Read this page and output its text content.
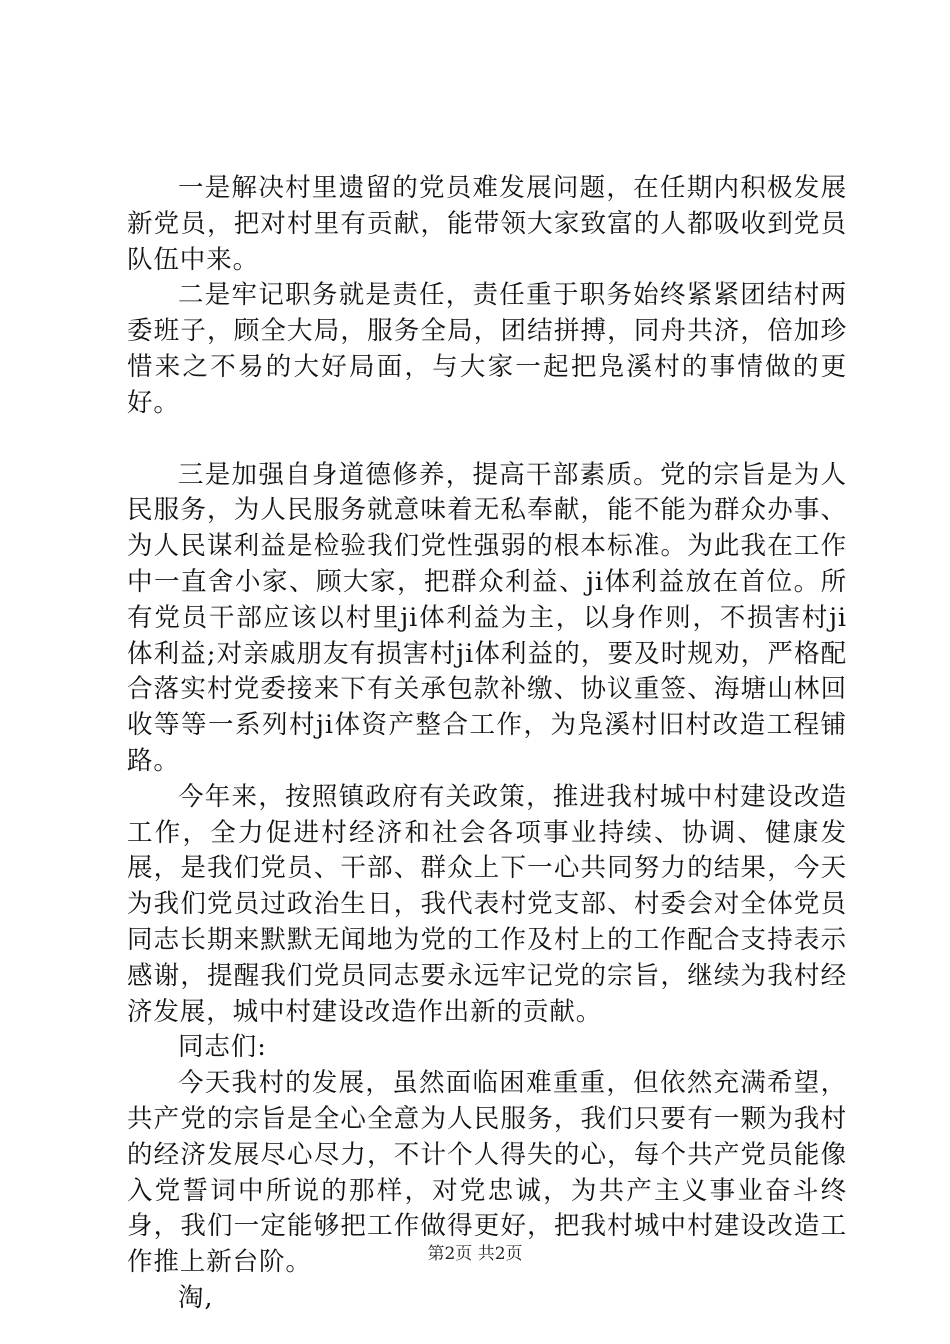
一是解决村里遗留的党员难发展问题，在任期内积极发展新党员，把对村里有贡献，能带领大家致富的人都吸收到党员队伍中来。

二是牢记职务就是责任，责任重于职务始终紧紧团结村两委班子，顾全大局，服务全局，团结拼搏，同舟共济，倍加珍惜来之不易的大好局面，与大家一起把凫溪村的事情做的更好。

三是加强自身道德修养，提高干部素质。党的宗旨是为人民服务，为人民服务就意味着无私奉献，能不能为群众办事、为人民谋利益是检验我们党性强弱的根本标准。为此我在工作中一直舍小家、顾大家，把群众利益、ji体利益放在首位。所有党员干部应该以村里ji体利益为主，以身作则，不损害村ji体利益;对亲戚朋友有损害村ji体利益的，要及时规劝，严格配合落实村党委接来下有关承包款补缴、协议重签、海塘山林回收等等一系列村ji体资产整合工作，为凫溪村旧村改造工程铺路。

今年来，按照镇政府有关政策，推进我村城中村建设改造工作，全力促进村经济和社会各项事业持续、协调、健康发展，是我们党员、干部、群众上下一心共同努力的结果，今天为我们党员过政治生日，我代表村党支部、村委会对全体党员同志长期来默默无闻地为党的工作及村上的工作配合支持表示感谢，提醒我们党员同志要永远牢记党的宗旨，继续为我村经济发展，城中村建设改造作出新的贡献。

同志们:

今天我村的发展，虽然面临困难重重，但依然充满希望，共产党的宗旨是全心全意为人民服务，我们只要有一颗为我村的经济发展尽心尽力，不计个人得失的心，每个共产党员能像入党誓词中所说的那样，对党忠诚，为共产主义事业奋斗终身，我们一定能够把工作做得更好，把我村城中村建设改造工作推上新台阶。

淘,

第2页 共2页
